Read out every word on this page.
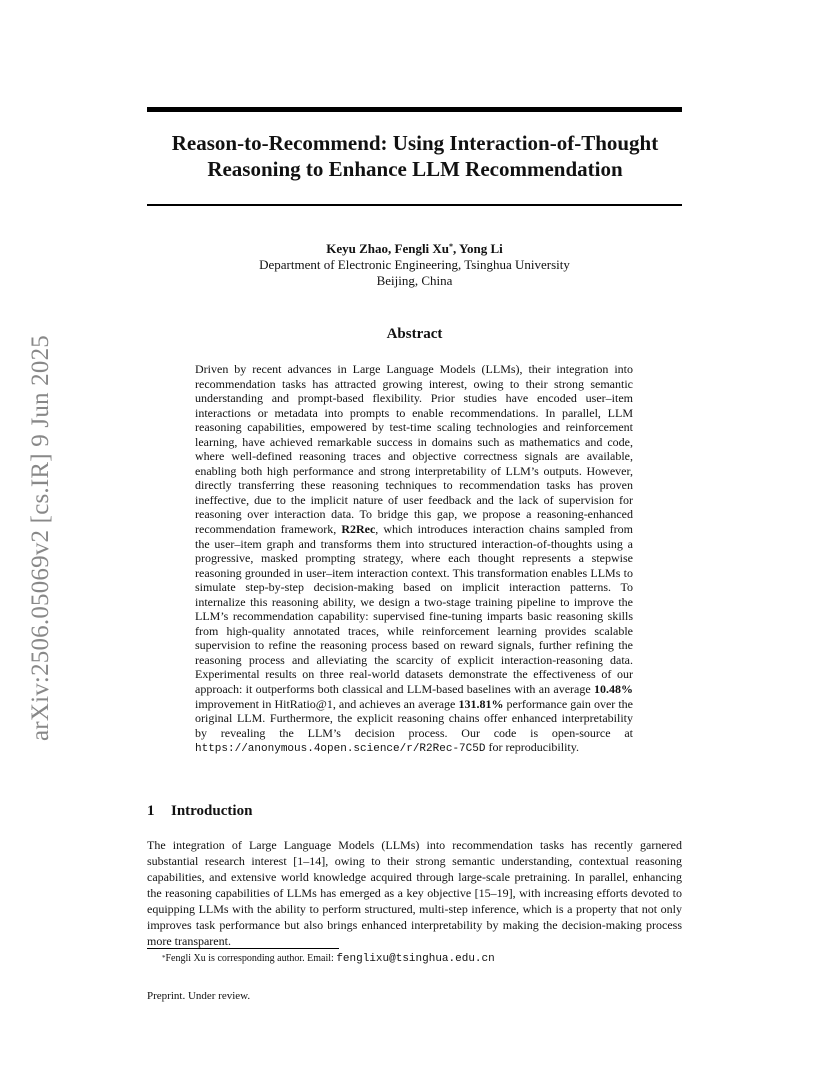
Reason-to-Recommend: Using Interaction-of-Thought
Reasoning to Enhance LLM Recommendation
Keyu Zhao, Fengli Xu*, Yong Li
Department of Electronic Engineering, Tsinghua University
Beijing, China
arXiv:2506.05069v2 [cs.IR] 9 Jun 2025
Abstract

Driven by recent advances in Large Language Models (LLMs), their integration into recommendation tasks has attracted growing interest, owing to their strong semantic understanding and prompt-based flexibility. Prior studies have encoded user–item interactions or metadata into prompts to enable recommendations. In parallel, LLM reasoning capabilities, empowered by test-time scaling technologies and reinforcement learning, have achieved remarkable success in domains such as mathematics and code, where well-defined reasoning traces and objective correctness signals are available, enabling both high performance and strong interpretability of LLM’s outputs. However, directly transferring these reasoning techniques to recommendation tasks has proven ineffective, due to the implicit nature of user feedback and the lack of supervision for reasoning over interaction data. To bridge this gap, we propose a reasoning-enhanced recommendation framework, R2Rec, which introduces interaction chains sampled from the user–item graph and transforms them into structured interaction-of-thoughts using a progressive, masked prompting strategy, where each thought represents a stepwise reasoning grounded in user–item interaction context. This transformation enables LLMs to simulate step-by-step decision-making based on implicit interaction patterns. To internalize this reasoning ability, we design a two-stage training pipeline to improve the LLM’s recommendation capability: supervised fine-tuning imparts basic reasoning skills from high-quality annotated traces, while reinforcement learning provides scalable supervision to refine the reasoning process based on reward signals, further refining the reasoning process and alleviating the scarcity of explicit interaction-reasoning data. Experimental results on three real-world datasets demonstrate the effectiveness of our approach: it outperforms both classical and LLM-based baselines with an average 10.48% improvement in HitRatio@1, and achieves an average 131.81% performance gain over the original LLM. Furthermore, the explicit reasoning chains offer enhanced interpretability by revealing the LLM’s decision process. Our code is open-source at https://anonymous.4open.science/r/R2Rec-7C5D for reproducibility.

1 Introduction

The integration of Large Language Models (LLMs) into recommendation tasks has recently garnered substantial research interest [1–14], owing to their strong semantic understanding, contextual reasoning capabilities, and extensive world knowledge acquired through large-scale pretraining. In parallel, enhancing the reasoning capabilities of LLMs has emerged as a key objective [15–19], with increasing efforts devoted to equipping LLMs with the ability to perform structured, multi-step inference, which is a property that not only improves task performance but also brings enhanced interpretability by making the decision-making process more transparent.

*Fengli Xu is corresponding author. Email: fenglixu@tsinghua.edu.cn
Preprint. Under review.
